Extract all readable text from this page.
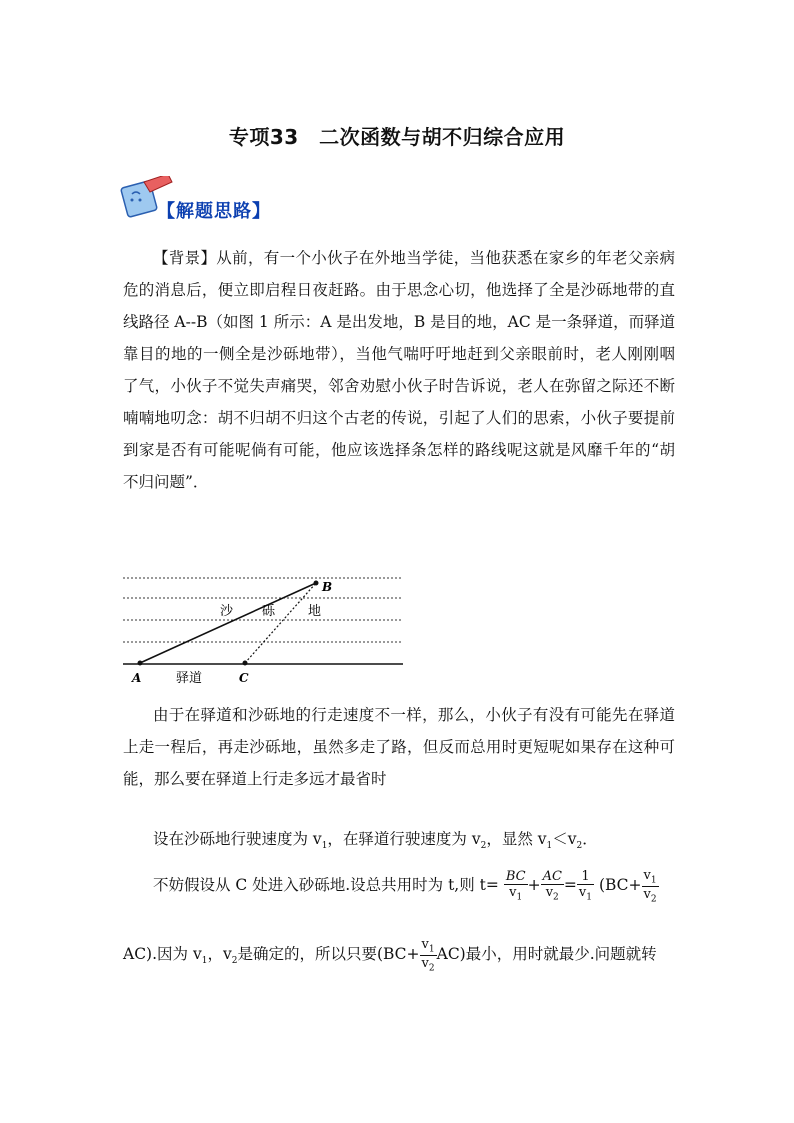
专项33　二次函数与胡不归综合应用
【解题思路】
【背景】从前，有一个小伙子在外地当学徒，当他获悉在家乡的年老父亲病
危的消息后，便立即启程日夜赶路。由于思念心切，他选择了全是沙砾地带的直
线路径 A--B（如图 1 所示：A 是出发地，B 是目的地，AC 是一条驿道，而驿道
靠目的地的一侧全是沙砾地带），当他气喘吁吁地赶到父亲眼前时，老人刚刚咽
了气，小伙子不觉失声痛哭，邻舍劝慰小伙子时告诉说，老人在弥留之际还不断
喃喃地叨念：胡不归胡不归这个古老的传说，引起了人们的思索，小伙子要提前
到家是否有可能呢倘有可能，他应该选择条怎样的路线呢这就是风靡千年的“胡
不归问题”．
A	C
B
驿道
沙 砾	地
由于在驿道和沙砾地的行走速度不一样，那么，小伙子有没有可能先在驿道
上走一程后，再走沙砾地，虽然多走了路，但反而总用时更短呢如果存在这种可
能，那么要在驿道上行走多远才最省时
设在沙砾地行驶速度为 $v_1$，在驿道行驶速度为 $v_2$，显然 $v_1<v_2$．
不妨假设从 C 处进入砂砾地.设总共用时为 t,则 $t= \frac{BC}{v_1} + \frac{AC}{v_2} = \frac{1}{v_1} (BC+ \frac{v_1}{v_2}$
AC).因为 $v_1$，$v_2$是确定的，所以只要$(BC+ \frac{v_1}{v_2} AC)$最小，用时就最少.问题就转
